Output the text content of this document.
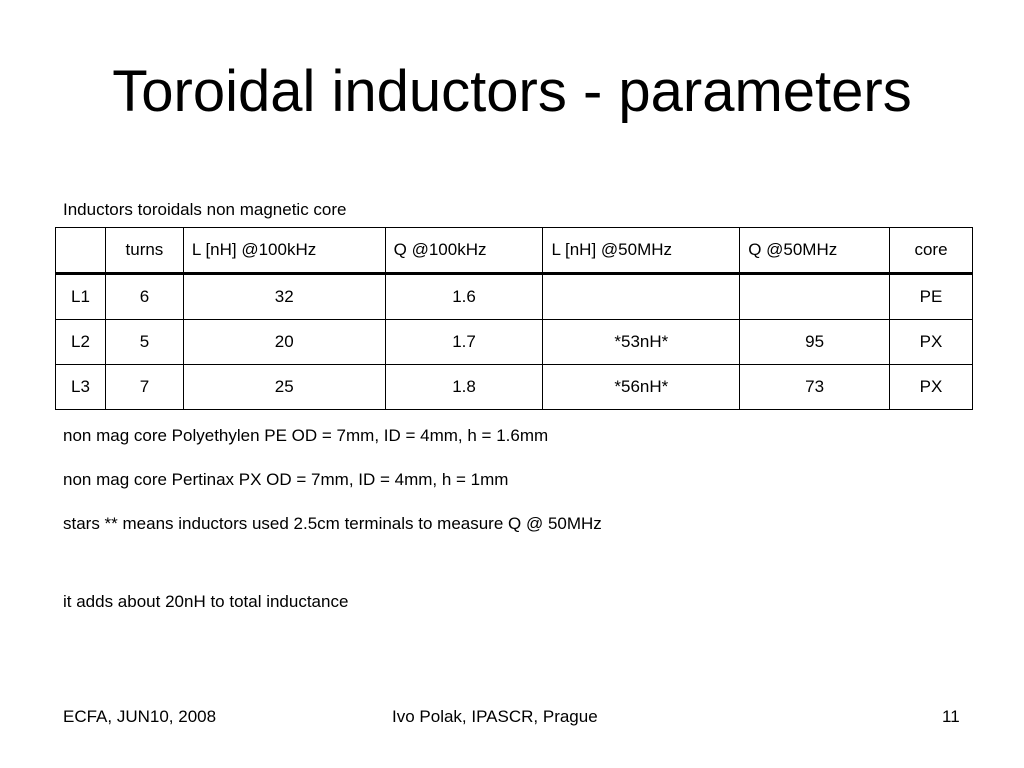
Toroidal inductors - parameters
Inductors toroidals non magnetic core
	turns	L [nH] @100kHz	Q @100kHz	L [nH] @50MHz	Q @50MHz	core
L1	6	32	1.6			PE
L2	5	20	1.7	*53nH*	95	PX
L3	7	25	1.8	*56nH*	73	PX
non mag core Polyethylen PE OD = 7mm, ID = 4mm, h = 1.6mm
non mag core Pertinax PX OD = 7mm, ID = 4mm, h = 1mm
stars ** means inductors used 2.5cm terminals to measure Q @ 50MHz
it adds about 20nH to total inductance
ECFA, JUN10, 2008	Ivo Polak, IPASCR, Prague	11
